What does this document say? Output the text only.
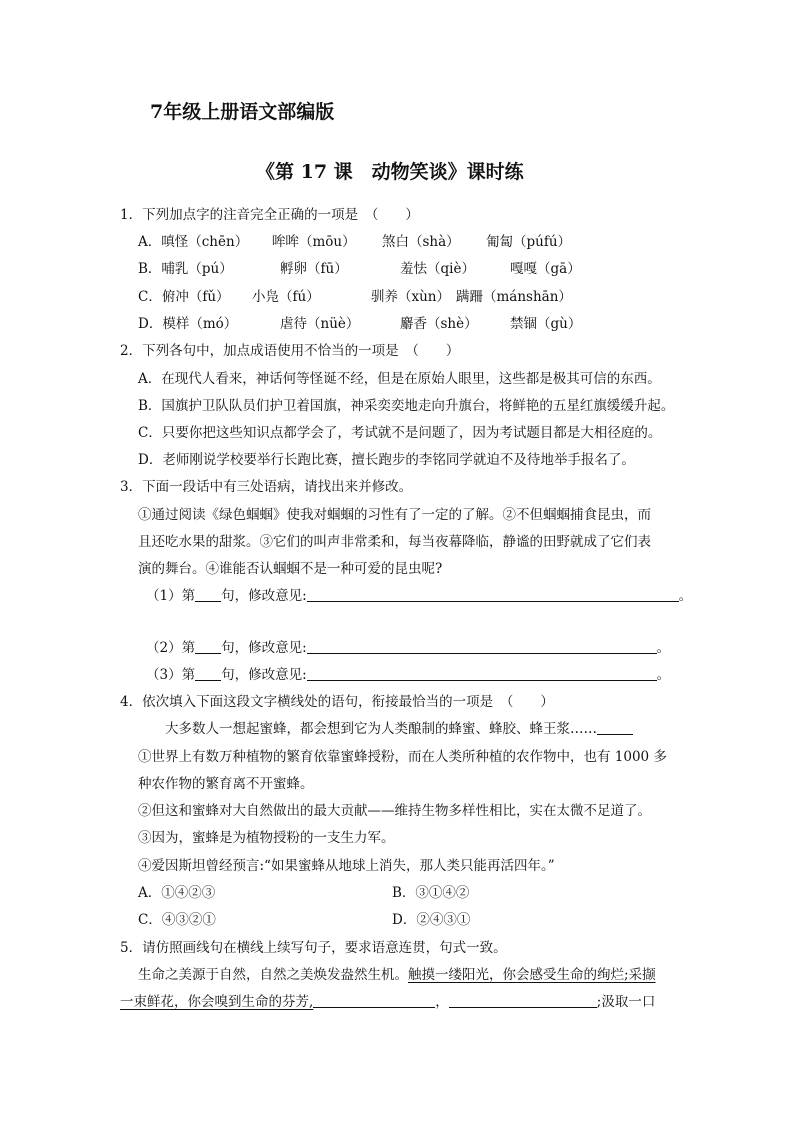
7年级上册语文部编版
《第 17 课　动物笑谈》课时练
1．下列加点字的注音完全正确的一项是　（　　）
A．嗔怪（chēn） 哞哞（mōu） 煞白（shà） 匍匐（púfú）
B．哺乳（pú）	孵卵（fū）	羞怯（qiè）	嘎嘎（gā）
C．俯冲（fǔ） 小凫（fú）	驯养（xùn） 蹒跚（mánshān）
D．模样（mó）	虐待（nüè）	麝香（shè） 禁锢（gù）
2．下列各句中，加点成语使用不恰当的一项是　（　　）
A．在现代人看来，神话何等怪诞不经，但是在原始人眼里，这些都是极其可信的东西。
B．国旗护卫队队员们护卫着国旗，神采奕奕地走向升旗台，将鲜艳的五星红旗缓缓升起。
C．只要你把这些知识点都学会了，考试就不是问题了，因为考试题目都是大相径庭的。
D．老师刚说学校要举行长跑比赛，擅长跑步的李铭同学就迫不及待地举手报名了。
3．下面一段话中有三处语病，请找出来并修改。
①通过阅读《绿色蝈蝈》使我对蝈蝈的习性有了一定的了解。②不但蝈蝈捕食昆虫，而
且还吃水果的甜浆。③它们的叫声非常柔和，每当夜幕降临，静谧的田野就成了它们表
演的舞台。④谁能否认蝈蝈不是一种可爱的昆虫呢?
（1）第 句，修改意见:	。
（2）第 句，修改意见:	。
（3）第 句，修改意见:	。
4．依次填入下面这段文字横线处的语句，衔接最恰当的一项是　（　　）
大多数人一想起蜜蜂，都会想到它为人类酿制的蜂蜜、蜂胶、蜂王浆……
①世界上有数万种植物的繁育依靠蜜蜂授粉，而在人类所种植的农作物中，也有 1000 多
种农作物的繁育离不开蜜蜂。
②但这和蜜蜂对大自然做出的最大贡献——维持生物多样性相比，实在太微不足道了。
③因为，蜜蜂是为植物授粉的一支生力军。
④爱因斯坦曾经预言:“如果蜜蜂从地球上消失，那人类只能再活四年。”
A．①④②③	B．③①④②
C．④③②①	D．②④③①
5．请仿照画线句在横线上续写句子，要求语意连贯，句式一致。
生命之美源于自然，自然之美焕发盎然生机。触摸一缕阳光，你会感受生命的绚烂;采撷
一束鲜花，你会嗅到生命的芬芳,	，	;汲取一口
